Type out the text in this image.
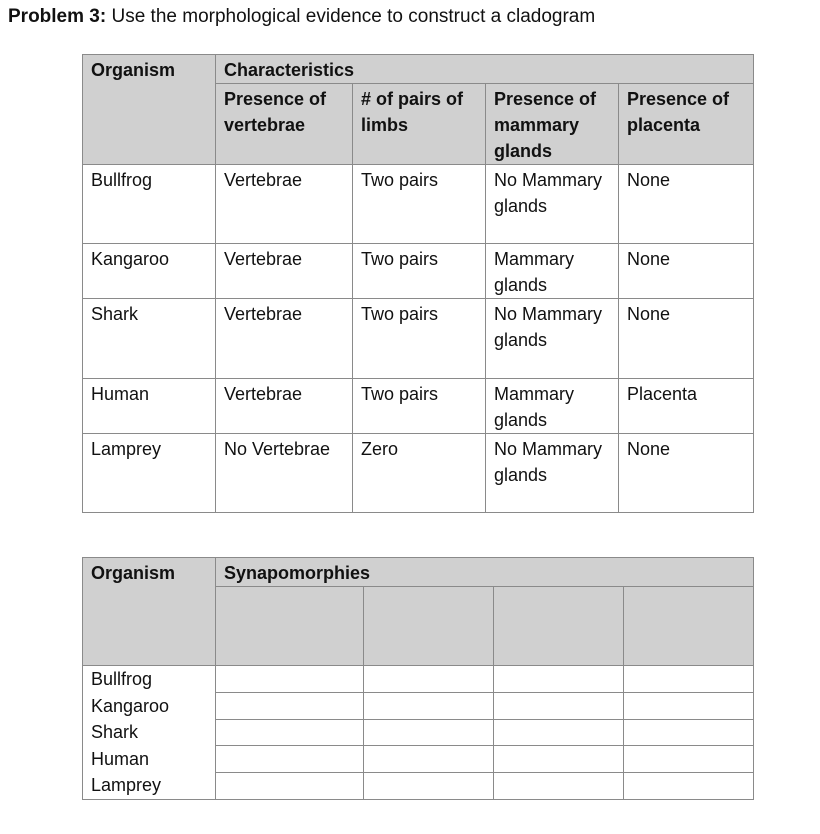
Problem 3: Use the morphological evidence to construct a cladogram
Organism	Characteristics			
	Presence of vertebrae	# of pairs of limbs	Presence of mammary glands	Presence of placenta
Bullfrog	Vertebrae	Two pairs	No Mammary glands	None
Kangaroo	Vertebrae	Two pairs	Mammary glands	None
Shark	Vertebrae	Two pairs	No Mammary glands	None
Human	Vertebrae	Two pairs	Mammary glands	Placenta
Lamprey	No Vertebrae	Zero	No Mammary glands	None
Organism	Synapomorphies			

Bullfrog
Kangaroo
Shark
Human
Lamprey				
